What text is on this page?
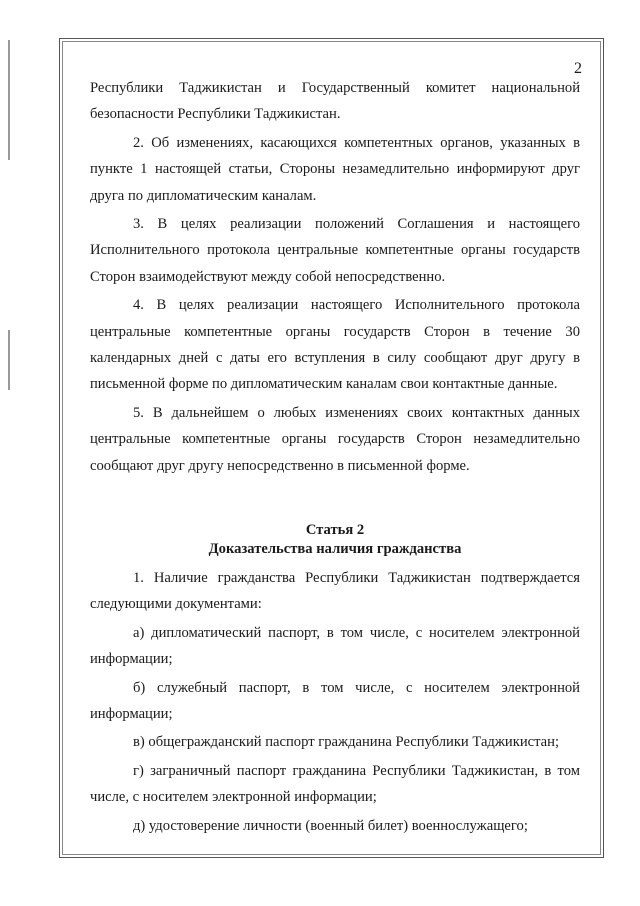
2

Республики Таджикистан и Государственный комитет национальной безопасности Республики Таджикистан.

2. Об изменениях, касающихся компетентных органов, указанных в пункте 1 настоящей статьи, Стороны незамедлительно информируют друг друга по дипломатическим каналам.

3. В целях реализации положений Соглашения и настоящего Исполнительного протокола центральные компетентные органы государств Сторон взаимодействуют между собой непосредственно.

4. В целях реализации настоящего Исполнительного протокола центральные компетентные органы государств Сторон в течение 30 календарных дней с даты его вступления в силу сообщают друг другу в письменной форме по дипломатическим каналам свои контактные данные.

5. В дальнейшем о любых изменениях своих контактных данных центральные компетентные органы государств Сторон незамедлительно сообщают друг другу непосредственно в письменной форме.

Статья 2
Доказательства наличия гражданства

1. Наличие гражданства Республики Таджикистан подтверждается следующими документами:

а) дипломатический паспорт, в том числе, с носителем электронной информации;

б) служебный паспорт, в том числе, с носителем электронной информации;

в) общегражданский паспорт гражданина Республики Таджикистан;

г) заграничный паспорт гражданина Республики Таджикистан, в том числе, с носителем электронной информации;

д) удостоверение личности (военный билет) военнослужащего;
